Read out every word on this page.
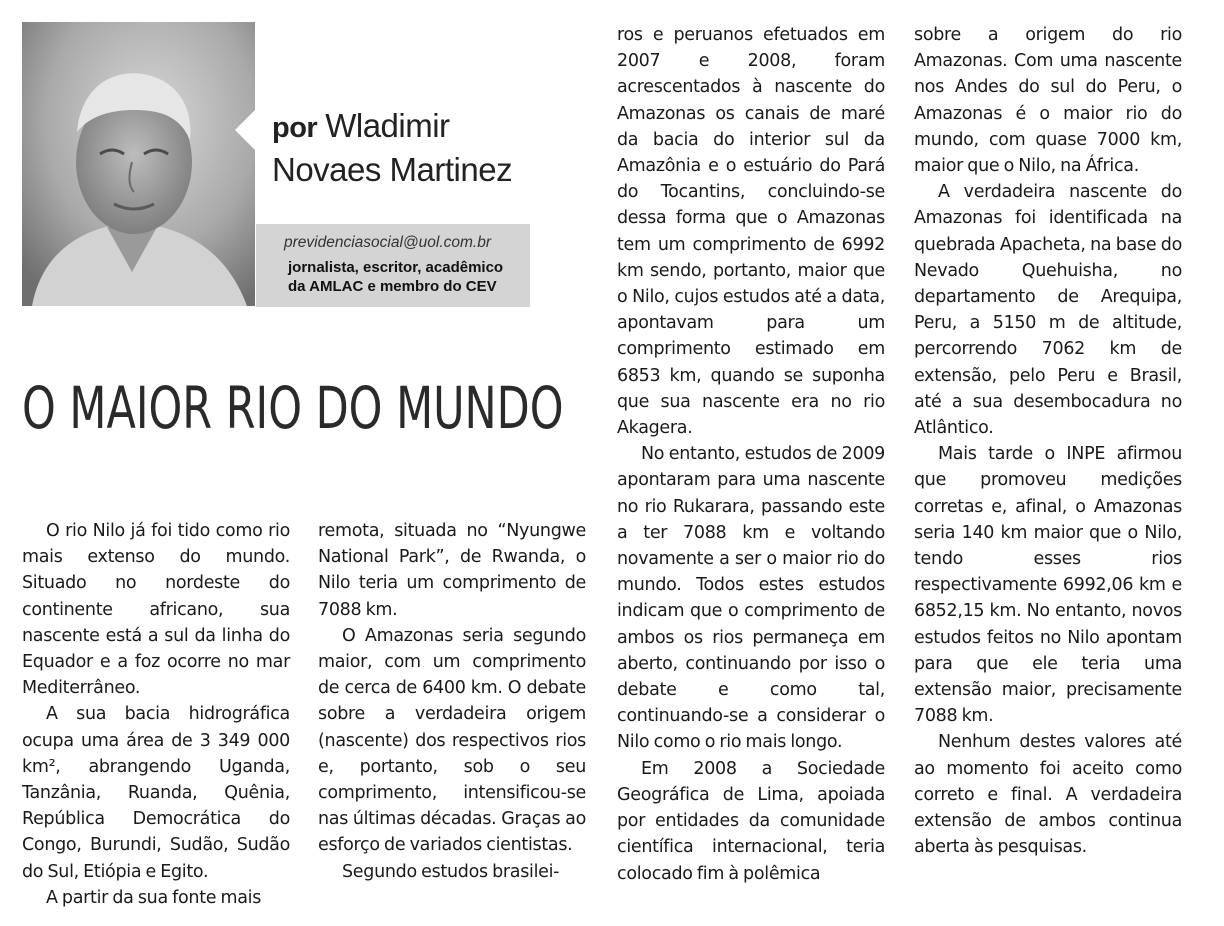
por Wladimir
Novaes Martinez
previdenciasocial@uol.com.br
jornalista, escritor, acadêmico
da AMLAC e membro do CEV
O MAIOR RIO DO MUNDO

O rio Nilo já foi tido como rio mais extenso do mundo. Situado no nordeste do continente africano, sua nascente está a sul da linha do Equador e a foz ocorre no mar Mediterrâneo.

A sua bacia hidrográfica ocupa uma área de 3 349 000 km², abrangendo Uganda, Tanzânia, Ruanda, Quênia, República Democrática do Congo, Burundi, Sudão, Sudão do Sul, Etiópia e Egito.

A partir da sua fonte mais

remota, situada no “Nyungwe National Park”, de Rwanda, o Nilo teria um comprimento de 7088 km.

O Amazonas seria segundo maior, com um comprimento de cerca de 6400 km. O debate sobre a verdadeira origem (nascente) dos respectivos rios e, portanto, sob o seu comprimento, intensificou-se nas últimas décadas. Graças ao esforço de variados cientistas.

Segundo estudos brasilei-

ros e peruanos efetuados em 2007 e 2008, foram acrescentados à nascente do Amazonas os canais de maré da bacia do interior sul da Amazônia e o estuário do Pará do Tocantins, concluindo-se dessa forma que o Amazonas tem um comprimento de 6992 km sendo, portanto, maior que o Nilo, cujos estudos até a data, apontavam para um comprimento estimado em 6853 km, quando se suponha que sua nascente era no rio Akagera.

No entanto, estudos de 2009 apontaram para uma nascente no rio Rukarara, passando este a ter 7088 km e voltando novamente a ser o maior rio do mundo. Todos estes estudos indicam que o comprimento de ambos os rios permaneça em aberto, continuando por isso o debate e como tal, continuando-se a considerar o Nilo como o rio mais longo.

Em 2008 a Sociedade Geográfica de Lima, apoiada por entidades da comunidade científica internacional, teria colocado fim à polêmica

sobre a origem do rio Amazonas. Com uma nascente nos Andes do sul do Peru, o Amazonas é o maior rio do mundo, com quase 7000 km, maior que o Nilo, na África.

A verdadeira nascente do Amazonas foi identificada na quebrada Apacheta, na base do Nevado Quehuisha, no departamento de Arequipa, Peru, a 5150 m de altitude, percorrendo 7062 km de extensão, pelo Peru e Brasil, até a sua desembocadura no Atlântico.

Mais tarde o INPE afirmou que promoveu medições corretas e, afinal, o Amazonas seria 140 km maior que o Nilo, tendo esses rios respectivamente 6992,06 km e 6852,15 km. No entanto, novos estudos feitos no Nilo apontam para que ele teria uma extensão maior, precisamente 7088 km.

Nenhum destes valores até ao momento foi aceito como correto e final. A verdadeira extensão de ambos continua aberta às pesquisas.
